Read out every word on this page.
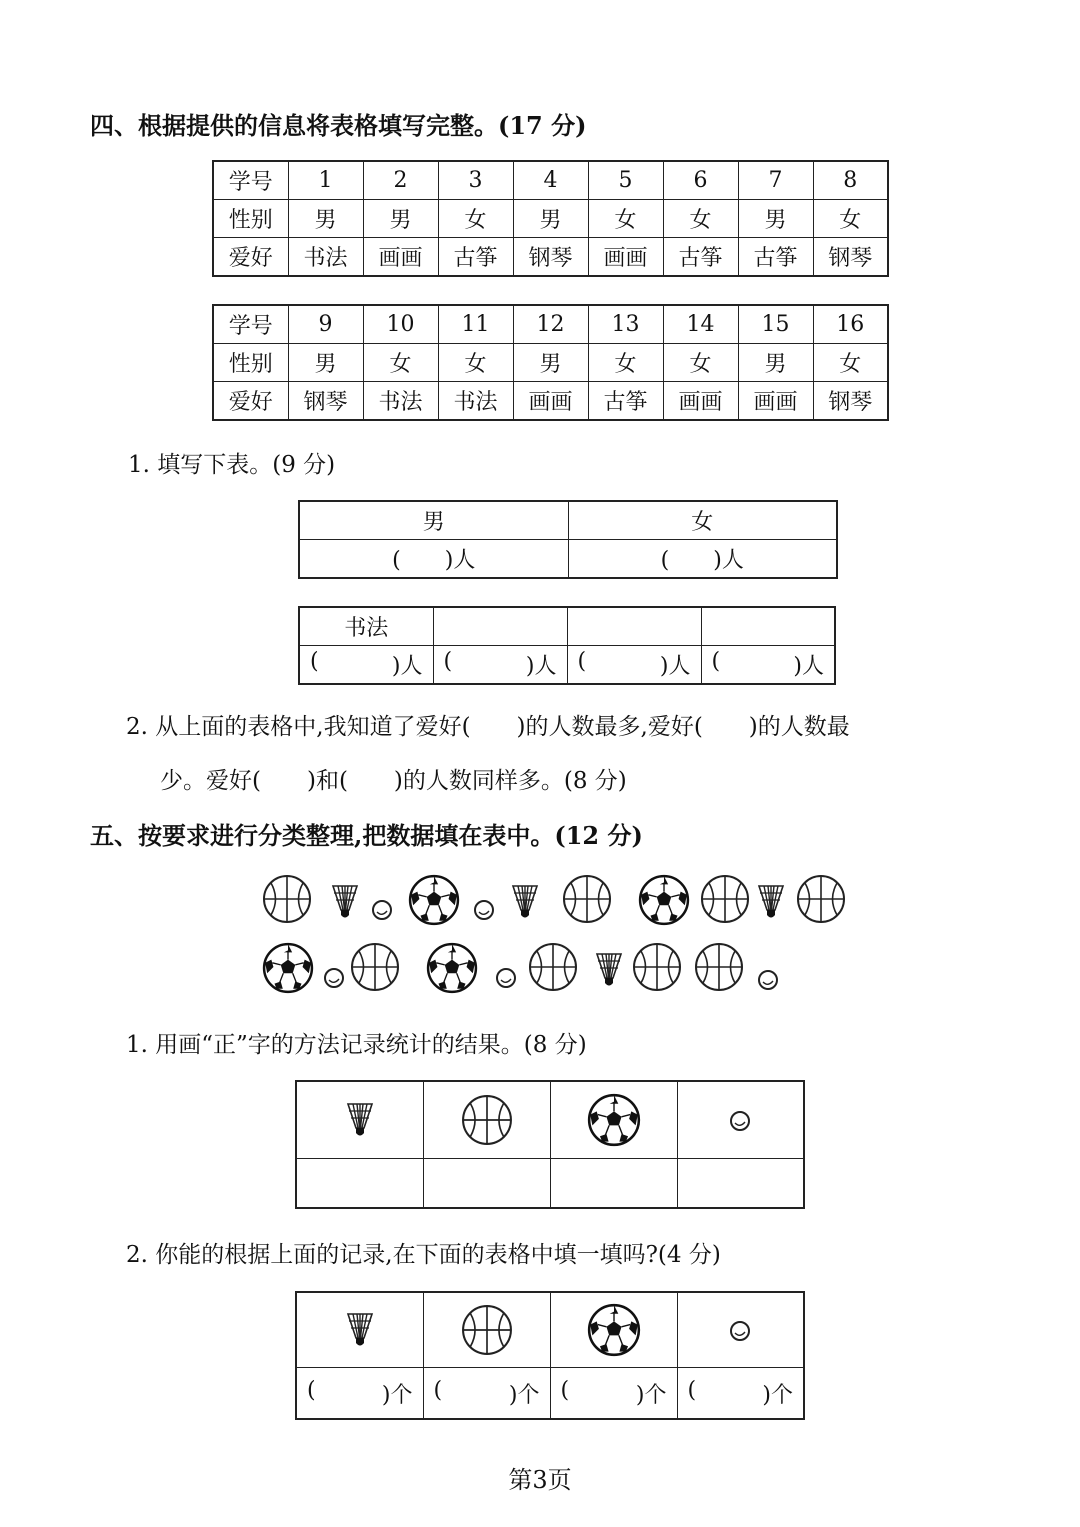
四、根据提供的信息将表格填写完整。(17 分)
学号	1	2	3	4	5	6	7	8
性别	男	男	女	男	女	女	男	女
爱好	书法	画画	古筝	钢琴	画画	古筝	古筝	钢琴
学号	9	10	11	12	13	14	15	16
性别	男	女	女	男	女	女	男	女
爱好	钢琴	书法	书法	画画	古筝	画画	画画	钢琴
1. 填写下表。(9 分)
男	女
(　　)人	(　　)人
书法			

( )人	( )人	( )人	( )人
2. 从上面的表格中,我知道了爱好(　　)的人数最多,爱好(　　)的人数最
少。爱好(　　)和(　　)的人数同样多。(8 分)
五、按要求进行分类整理,把数据填在表中。(12 分)
1. 用画“正”字的方法记录统计的结果。(8 分)

2. 你能的根据上面的记录,在下面的表格中填一填吗?(4 分)

( )个	( )个	( )个	( )个
第3页
